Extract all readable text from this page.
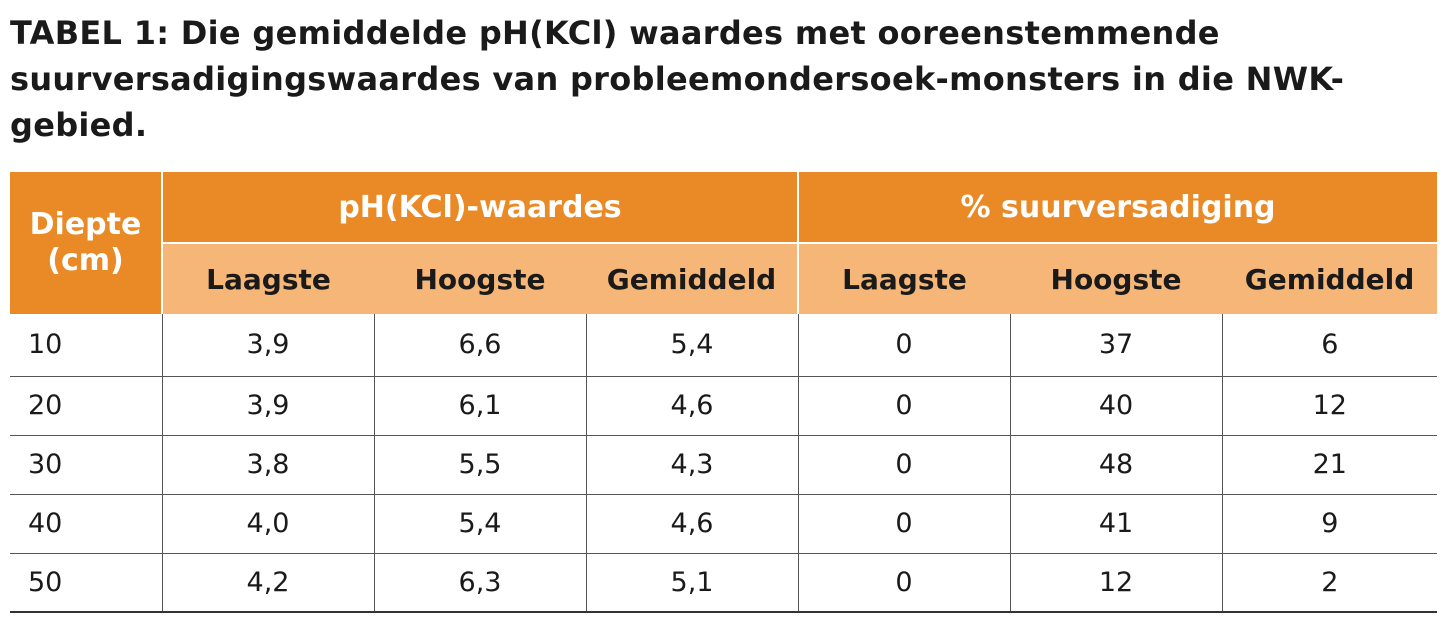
TABEL 1: Die gemiddelde pH(KCl) waardes met ooreenstemmende suurversadigingswaardes van probleemondersoek-monsters in die NWK-gebied.
Diepte (cm)	pH(KCl)-waardes			% suurversadiging		
	Laagste	Hoogste	Gemiddeld	Laagste	Hoogste	Gemiddeld
10	3,9	6,6	5,4	0	37	6
20	3,9	6,1	4,6	0	40	12
30	3,8	5,5	4,3	0	48	21
40	4,0	5,4	4,6	0	41	9
50	4,2	6,3	5,1	0	12	2
